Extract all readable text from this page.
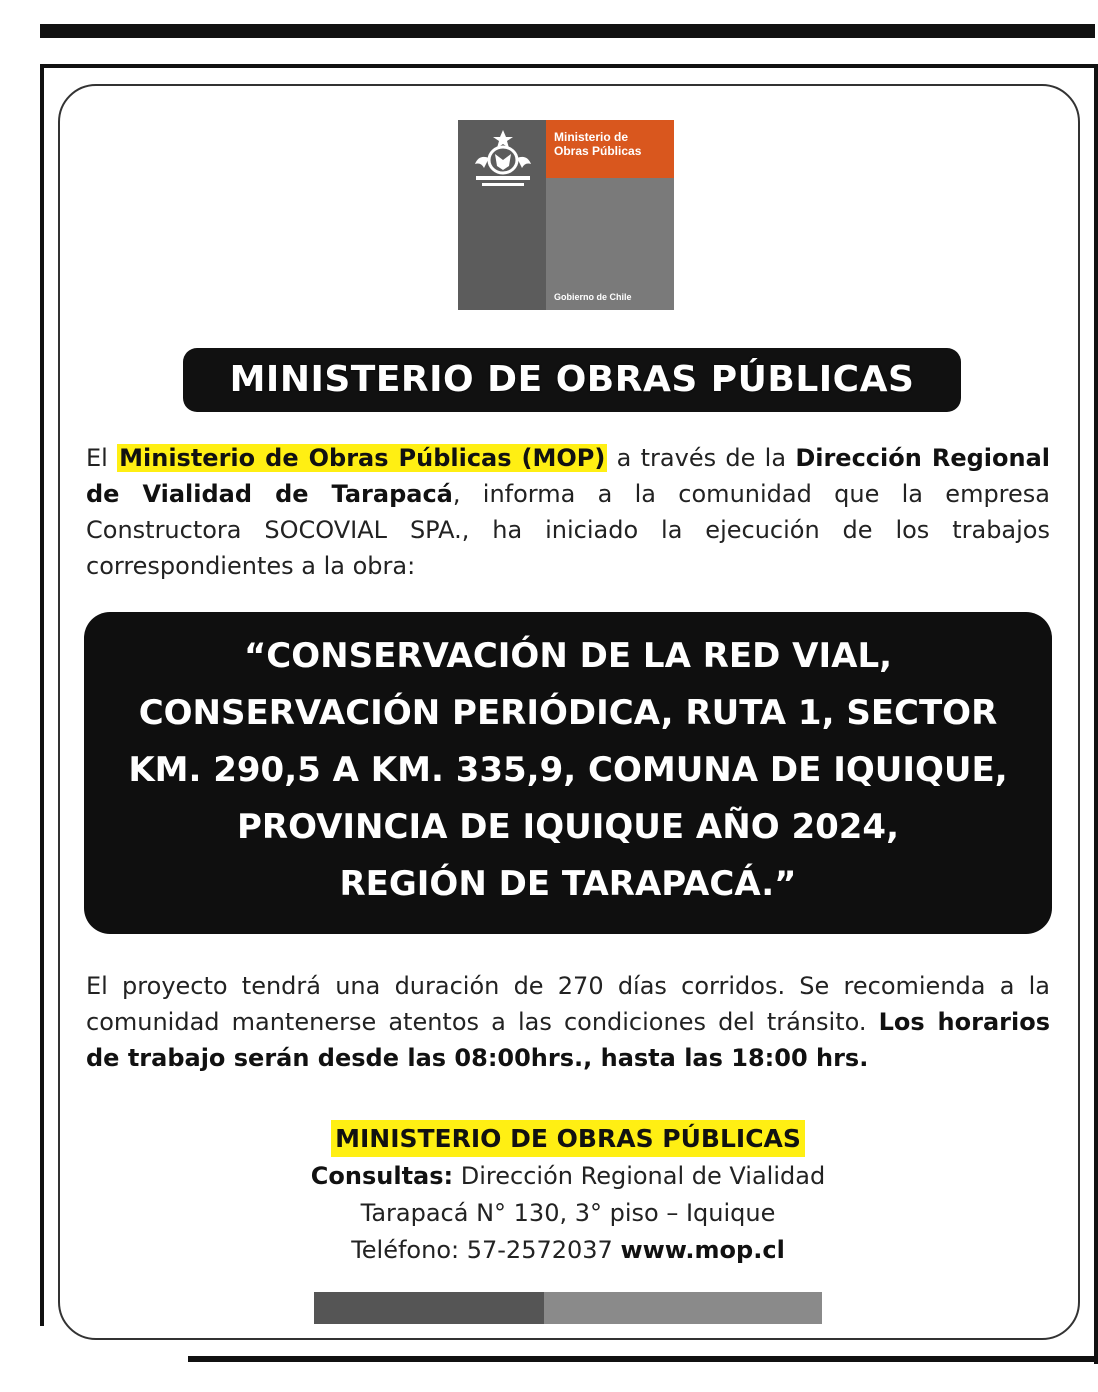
Ministerio de
Obras Públicas
Gobierno de Chile
MINISTERIO DE OBRAS PÚBLICAS
El Ministerio de Obras Públicas (MOP) a través de la Dirección Regional de Vialidad de Tarapacá, informa a la comunidad que la empresa Constructora SOCOVIAL SPA., ha iniciado la ejecución de los trabajos correspondientes a la obra:
“CONSERVACIÓN DE LA RED VIAL,
CONSERVACIÓN PERIÓDICA, RUTA 1, SECTOR
KM. 290,5 A KM. 335,9, COMUNA DE IQUIQUE,
PROVINCIA DE IQUIQUE AÑO 2024,
REGIÓN DE TARAPACÁ.”
El proyecto tendrá una duración de 270 días corridos. Se recomienda a la comunidad mantenerse atentos a las condiciones del tránsito. Los horarios de trabajo serán desde las 08:00hrs., hasta las 18:00 hrs.
MINISTERIO DE OBRAS PÚBLICAS
Consultas: Dirección Regional de Vialidad
Tarapacá N° 130, 3° piso – Iquique
Teléfono: 57-2572037 www.mop.cl
